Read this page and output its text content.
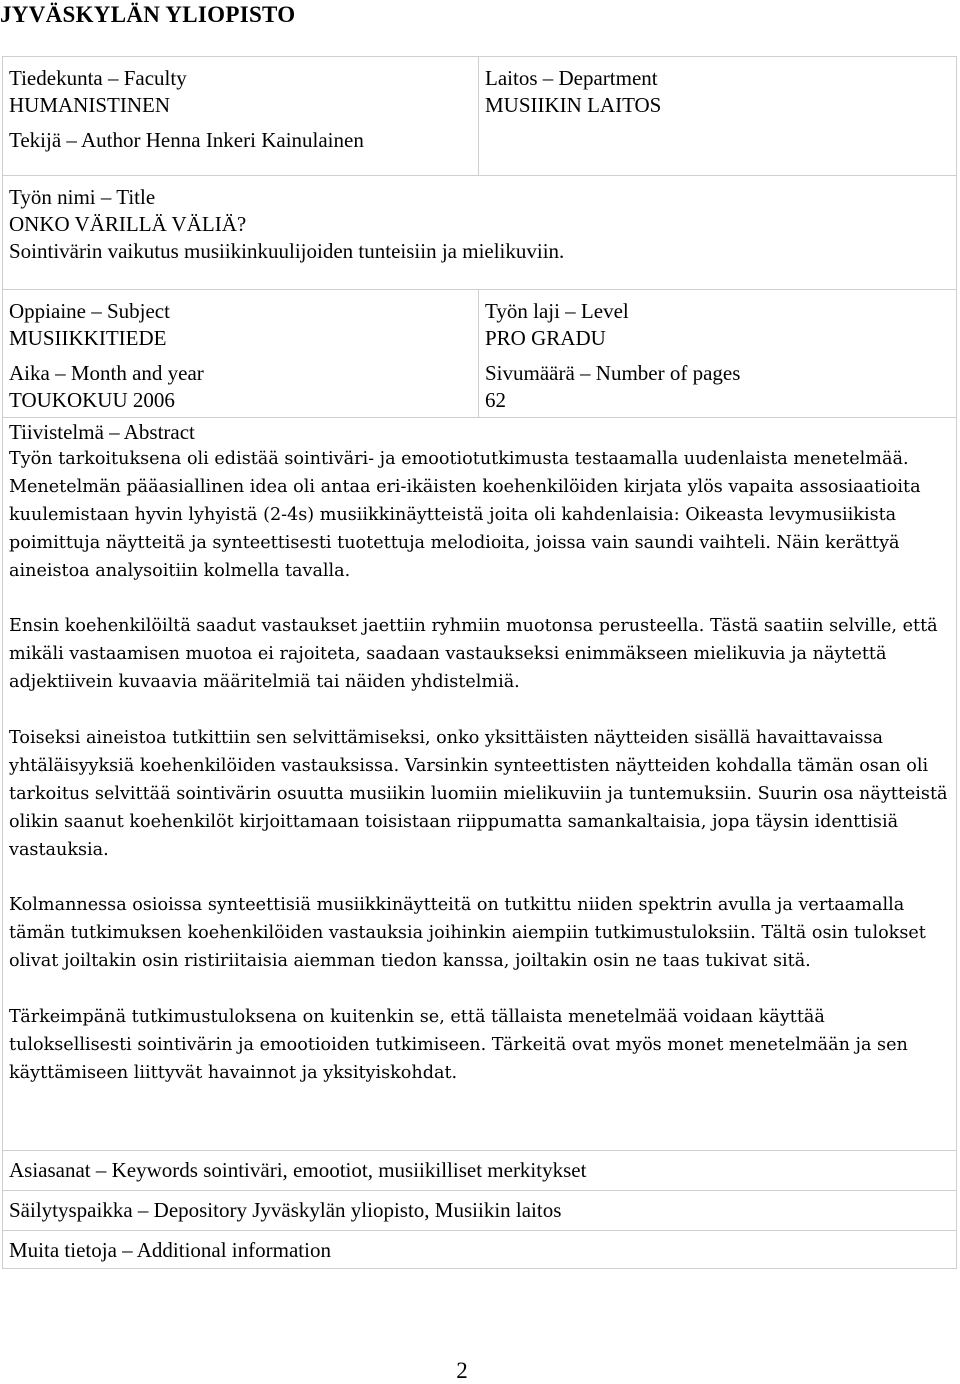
JYVÄSKYLÄN YLIOPISTO
Tiedekunta – Faculty
HUMANISTINEN
Tekijä – Author Henna Inkeri Kainulainen

Laitos – Department
MUSIIKIN LAITOS

Työn nimi – Title
ONKO VÄRILLÄ VÄLIÄ?
Sointivärin vaikutus musiikinkuulijoiden tunteisiin ja mielikuviin.

Oppiaine – Subject
MUSIIKKITIEDE

Aika – Month and year
TOUKOKUU 2006

Työn laji – Level
PRO GRADU

Sivumäärä – Number of pages
62

Tiivistelmä – Abstract

Työn tarkoituksena oli edistää sointiväri- ja emootiotutkimusta testaamalla uudenlaista menetelmää. Menetelmän pääasiallinen idea oli antaa eri-ikäisten koehenkilöiden kirjata ylös vapaita assosiaatioita kuulemistaan hyvin lyhyistä (2-4s) musiikkinäytteistä joita oli kahdenlaisia: Oikeasta levymusiikista poimittuja näytteitä ja synteettisesti tuotettuja melodioita, joissa vain saundi vaihteli. Näin kerättyä aineistoa analysoitiin kolmella tavalla.

Ensin koehenkilöiltä saadut vastaukset jaettiin ryhmiin muotonsa perusteella. Tästä saatiin selville, että mikäli vastaamisen muotoa ei rajoiteta, saadaan vastaukseksi enimmäkseen mielikuvia ja näytettä adjektiivein kuvaavia määritelmiä tai näiden yhdistelmiä.

Toiseksi aineistoa tutkittiin sen selvittämiseksi, onko yksittäisten näytteiden sisällä havaittavaissa yhtäläisyyksiä koehenkilöiden vastauksissa. Varsinkin synteettisten näytteiden kohdalla tämän osan oli tarkoitus selvittää sointivärin osuutta musiikin luomiin mielikuviin ja tuntemuksiin. Suurin osa näytteistä olikin saanut koehenkilöt kirjoittamaan toisistaan riippumatta samankaltaisia, jopa täysin identtisiä vastauksia.

Kolmannessa osioissa synteettisiä musiikkinäytteitä on tutkittu niiden spektrin avulla ja vertaamalla tämän tutkimuksen koehenkilöiden vastauksia joihinkin aiempiin tutkimustuloksiin. Tältä osin tulokset olivat joiltakin osin ristiriitaisia aiemman tiedon kanssa, joiltakin osin ne taas tukivat sitä.

Tärkeimpänä tutkimustuloksena on kuitenkin se, että tällaista menetelmää voidaan käyttää tuloksellisesti sointivärin ja emootioiden tutkimiseen. Tärkeitä ovat myös monet menetelmään ja sen käyttämiseen liittyvät havainnot ja yksityiskohdat.

Asiasanat – Keywords sointiväri, emootiot, musiikilliset merkitykset

Säilytyspaikka – Depository Jyväskylän yliopisto, Musiikin laitos

Muita tietoja – Additional information
2
